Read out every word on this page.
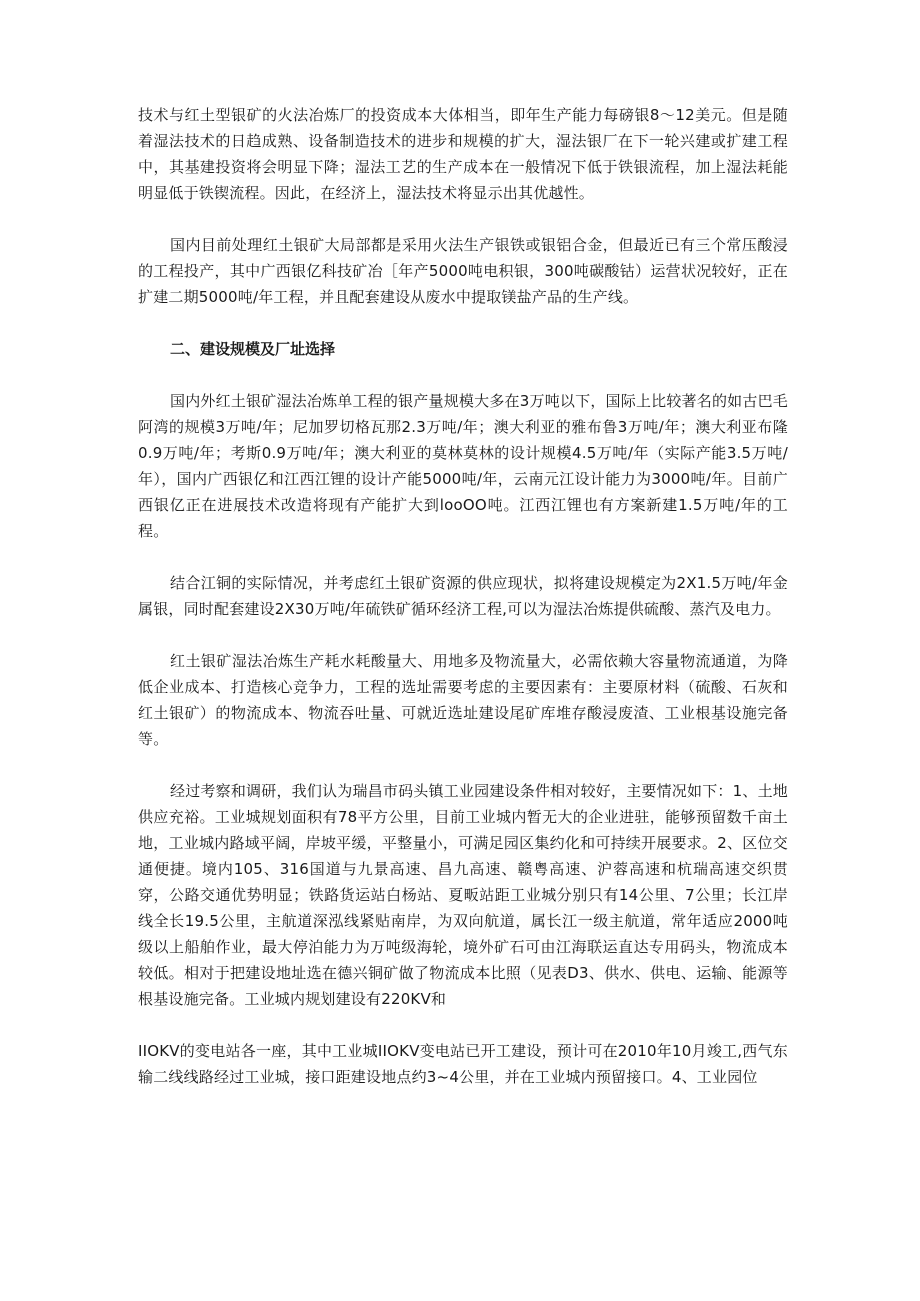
技术与红土型银矿的火法冶炼厂的投资成本大体相当，即年生产能力每磅银8～12美元。但是随着湿法技术的日趋成熟、设备制造技术的进步和规模的扩大，湿法银厂在下一轮兴建或扩建工程中，其基建投资将会明显下降；湿法工艺的生产成本在一般情况下低于铁银流程，加上湿法耗能明显低于铁锲流程。因此，在经济上，湿法技术将显示出其优越性。

国内目前处理红土银矿大局部都是采用火法生产银铁或银铝合金，但最近已有三个常压酸浸的工程投产，其中广西银亿科技矿冶［年产5000吨电积银，300吨碳酸钴）运营状况较好，正在扩建二期5000吨/年工程，并且配套建设从废水中提取镁盐产品的生产线。

二、建设规模及厂址选择

国内外红土银矿湿法冶炼单工程的银产量规模大多在3万吨以下，国际上比较著名的如古巴毛阿湾的规模3万吨/年；尼加罗切格瓦那2.3万吨/年；澳大利亚的雅布鲁3万吨/年；澳大利亚布隆0.9万吨/年；考斯0.9万吨/年；澳大利亚的莫林莫林的设计规模4.5万吨/年（实际产能3.5万吨/年），国内广西银亿和江西江锂的设计产能5000吨/年，云南元江设计能力为3000吨/年。目前广西银亿正在进展技术改造将现有产能扩大到looOO吨。江西江锂也有方案新建1.5万吨/年的工程。

结合江铜的实际情况，并考虑红土银矿资源的供应现状，拟将建设规模定为2X1.5万吨/年金属银，同时配套建设2X30万吨/年硫铁矿循环经济工程,可以为湿法冶炼提供硫酸、蒸汽及电力。

红土银矿湿法冶炼生产耗水耗酸量大、用地多及物流量大，必需依赖大容量物流通道，为降低企业成本、打造核心竞争力，工程的选址需要考虑的主要因素有：主要原材料（硫酸、石灰和红土银矿）的物流成本、物流吞吐量、可就近选址建设尾矿库堆存酸浸废渣、工业根基设施完备等。

经过考察和调研，我们认为瑞昌市码头镇工业园建设条件相对较好，主要情况如下：1、土地供应充裕。工业城规划面积有78平方公里，目前工业城内暂无大的企业进驻，能够预留数千亩土地，工业城内路域平阔，岸坡平缓，平整量小，可满足园区集约化和可持续开展要求。2、区位交通便捷。境内105、316国道与九景高速、昌九高速、赣粤高速、沪蓉高速和杭瑞高速交织贯穿，公路交通优势明显；铁路货运站白杨站、夏畈站距工业城分别只有14公里、7公里；长江岸线全长19.5公里，主航道深泓线紧贴南岸，为双向航道，属长江一级主航道，常年适应2000吨级以上船舶作业，最大停泊能力为万吨级海轮，境外矿石可由江海联运直达专用码头，物流成本较低。相对于把建设地址选在德兴铜矿做了物流成本比照（见表D3、供水、供电、运输、能源等根基设施完备。工业城内规划建设有220KV和

IIOKV的变电站各一座，其中工业城IIOKV变电站已开工建设，预计可在2010年10月竣工,西气东输二线线路经过工业城，接口距建设地点约3~4公里，并在工业城内预留接口。4、工业园位
